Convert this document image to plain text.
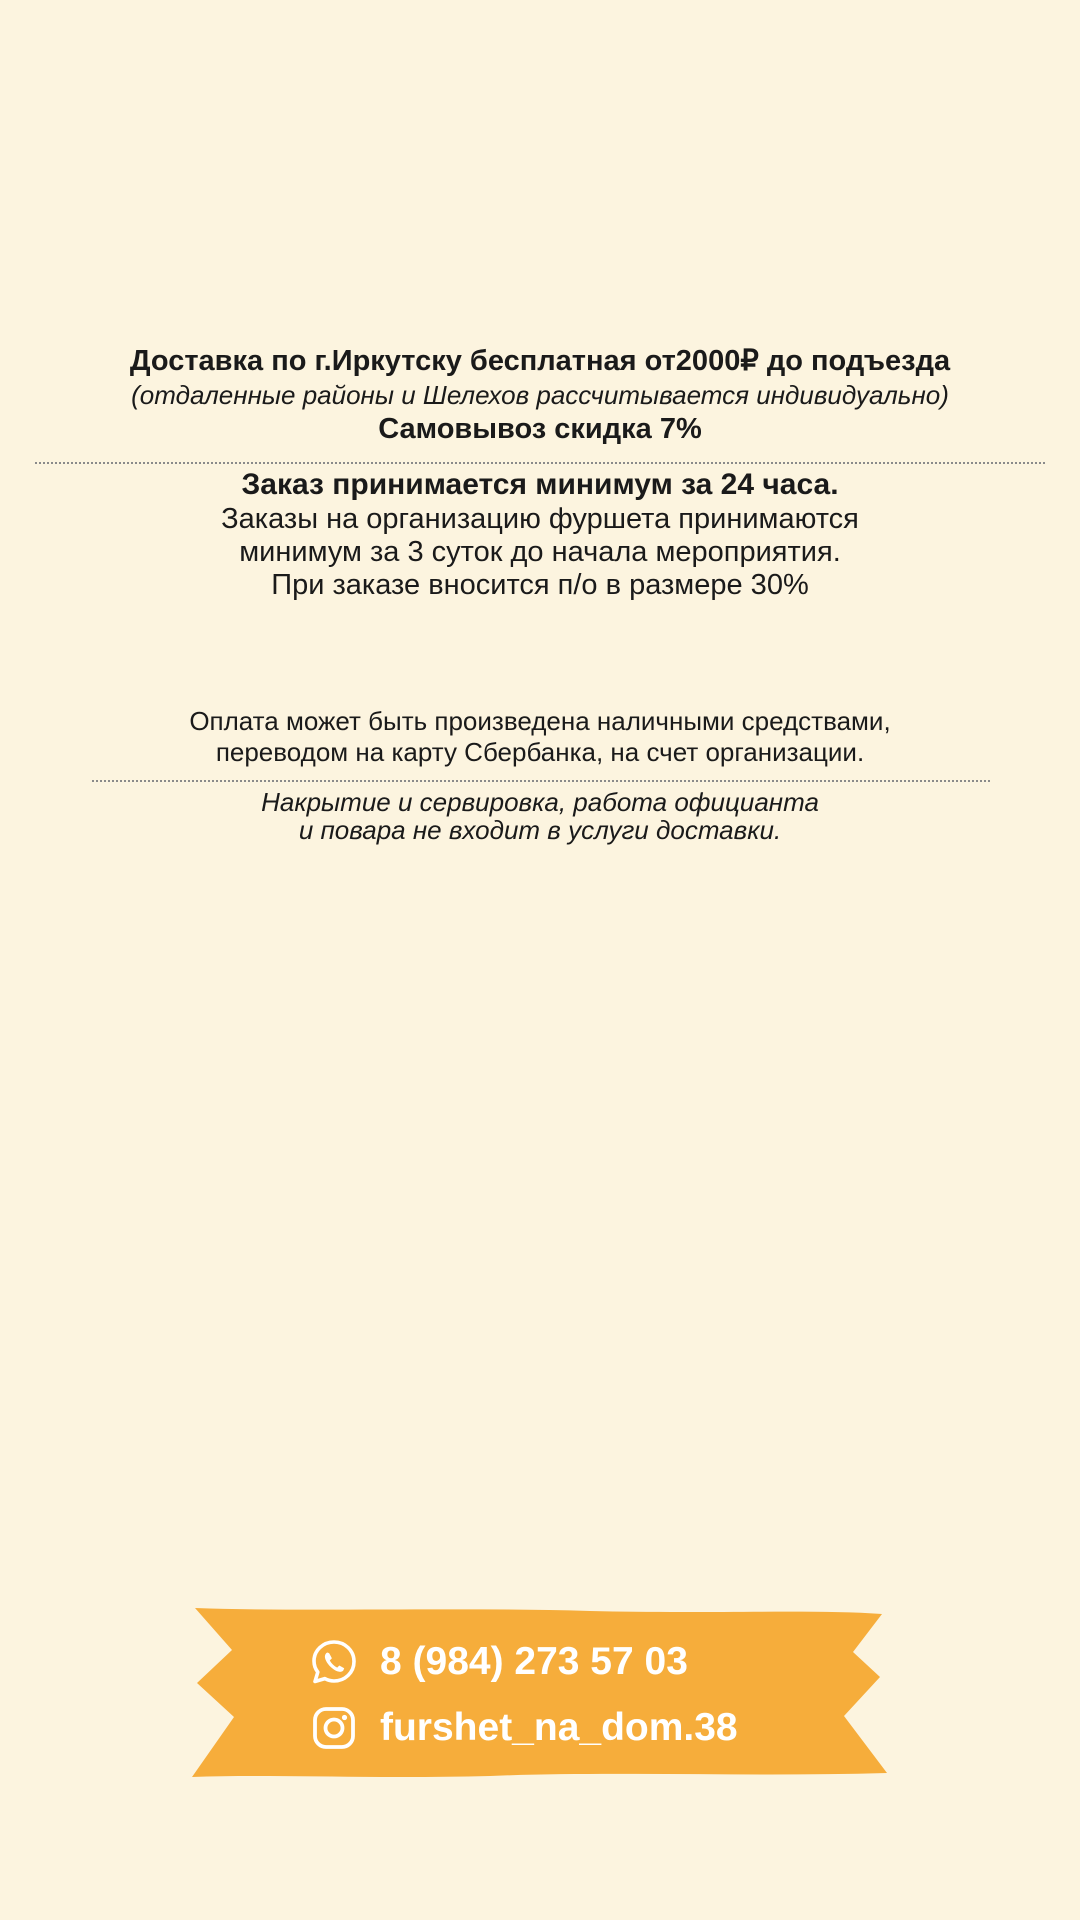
Доставка по г.Иркутску бесплатная от2000₽ до подъезда
(отдаленные районы и Шелехов рассчитывается индивидуально)
Самовывоз скидка 7%
Заказ принимается минимум за 24 часа.
Заказы на организацию фуршета принимаются
минимум за 3 суток до начала мероприятия.
При заказе вносится п/о в размере 30%
Оплата может быть произведена наличными средствами,
переводом на карту Сбербанка, на счет организации.
Накрытие и сервировка, работа официанта
и повара не входит в услуги доставки.
8 (984) 273 57 03
furshet_na_dom.38
